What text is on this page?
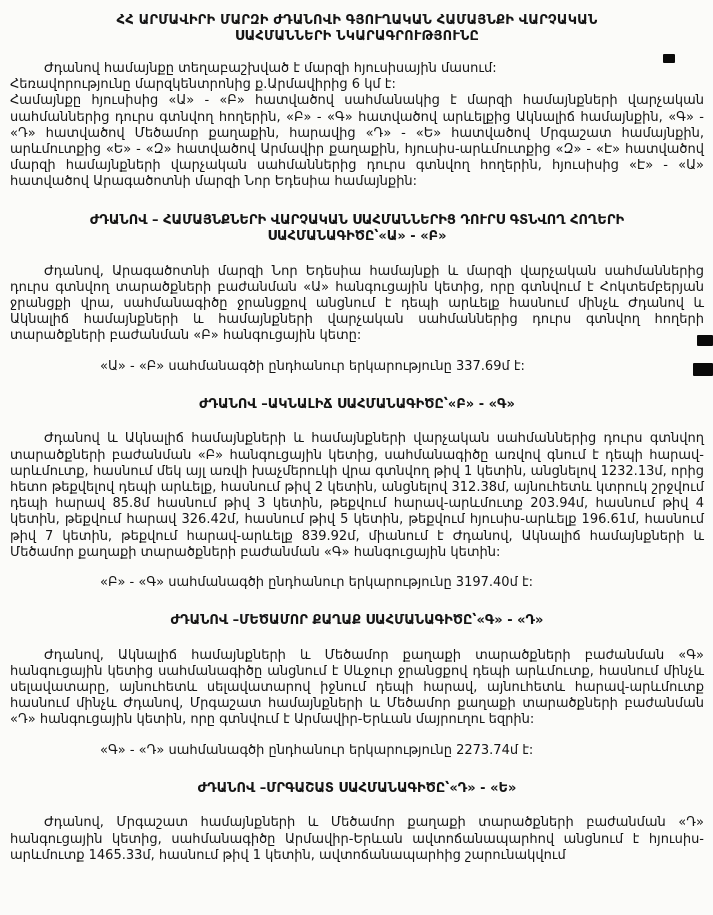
ՀՀ ԱՐՄԱՎԻՐԻ ՄԱՐԶԻ ԺԴԱՆՈՎԻ ԳՅՈՒՂԱԿԱՆ ՀԱՄԱՅՆՔԻ ՎԱՐՉԱԿԱՆ
ՍԱՀՄԱՆՆԵՐԻ ՆԿԱՐԱԳՐՈՒԹՅՈՒՆԸ

Ժդանով համայնքը տեղաբաշխված է մարզի հյուսիսային մասում:

Հեռավորությունը մարզկենտրոնից ք.Արմավիրից 6 կմ է:

Համայնքը հյուսիսից «Ա» - «Բ» հատվածով սահմանակից է մարզի համայնքների վարչական սահմաններից դուրս գտնվող հողերին, «Բ» - «Գ» հատվածով արևելքից Ակնալիճ համայնքին, «Գ» - «Դ» հատվածով Մեծամոր քաղաքին, հարավից «Դ» - «Ե» հատվածով Մրգաշատ համայնքին, արևմուտքից «Ե» - «Զ» հատվածով Արմավիր քաղաքին, հյուսիս-արևմուտքից «Զ» - «Է» հատվածով մարզի համայնքների վարչական սահմաններից դուրս գտնվող հողերին, հյուսիսից «Է» - «Ա» հատվածով Արագածոտնի մարզի Նոր Եդեսիա համայնքին:

ԺԴԱՆՈՎ – ՀԱՄԱՅՆՔՆԵՐԻ ՎԱՐՉԱԿԱՆ ՍԱՀՄԱՆՆԵՐԻՑ ԴՈՒՐՍ ԳՏՆՎՈՂ ՀՈՂԵՐԻ
ՍԱՀՄԱՆԱԳԻԾԸ՝«Ա» - «Բ»

Ժդանով, Արագածոտնի մարզի Նոր Եդեսիա համայնքի և մարզի վարչական սահմաններից դուրս գտնվող տարածքների բաժանման «Ա» հանգուցային կետից, որը գտնվում է Հոկտեմբերյան ջրանցքի վրա, սահմանագիծը ջրանցքով անցնում է դեպի արևելք հասնում մինչև Ժդանով և Ակնալիճ համայնքների և համայնքների վարչական սահմաններից դուրս գտնվող հողերի տարածքների բաժանման «Բ» հանգուցային կետը:

«Ա» - «Բ» սահմանագծի ընդհանուր երկարությունը 337.69մ է:

ԺԴԱՆՈՎ –ԱԿՆԱԼԻՃ ՍԱՀՄԱՆԱԳԻԾԸ՝«Բ» - «Գ»

Ժդանով և Ակնալիճ համայնքների և համայնքների վարչական սահմաններից դուրս գտնվող տարածքների բաժանման «Բ» հանգուցային կետից, սահմանագիծը առվով գնում է դեպի հարավ-արևմուտք, հասնում մեկ այլ առվի խաչմերուկի վրա գտնվող թիվ 1 կետին, անցնելով 1232.13մ, որից հետո թեքվելով դեպի արևելք, հասնում թիվ 2 կետին, անցնելով 312.38մ, այնուհետև կտրուկ շրջվում դեպի հարավ 85.8մ հասնում թիվ 3 կետին, թեքվում հարավ-արևմուտք 203.94մ, հասնում թիվ 4 կետին, թեքվում հարավ 326.42մ, հասնում թիվ 5 կետին, թեքվում հյուսիս-արևելք 196.61մ, հասնում թիվ 7 կետին, թեքվում հարավ-արևելք 839.92մ, միանում է Ժդանով, Ակնալիճ համայնքների և Մեծամոր քաղաքի տարածքների բաժանման «Գ» հանգուցային կետին:

«Բ» - «Գ» սահմանագծի ընդհանուր երկարությունը 3197.40մ է:

ԺԴԱՆՈՎ –ՄԵԾԱՄՈՐ ՔԱՂԱՔ ՍԱՀՄԱՆԱԳԻԾԸ՝«Գ» - «Դ»

Ժդանով, Ակնալիճ համայնքների և Մեծամոր քաղաքի տարածքների բաժանման «Գ» հանգուցային կետից սահմանագիծը անցնում է Սևջուր ջրանցքով դեպի արևմուտք, հասնում մինչև սելավատարը, այնուհետև սելավատարով իջնում դեպի հարավ, այնուհետև հարավ-արևմուտք հասնում մինչև Ժդանով, Մրգաշատ համայնքների և Մեծամոր քաղաքի տարածքների բաժանման «Դ» հանգուցային կետին, որը գտնվում է Արմավիր-Երևան մայրուղու եզրին:

«Գ» - «Դ» սահմանագծի ընդհանուր երկարությունը 2273.74մ է:

ԺԴԱՆՈՎ –ՄՐԳԱՇԱՏ ՍԱՀՄԱՆԱԳԻԾԸ՝«Դ» - «Ե»

Ժդանով, Մրգաշատ համայնքների և Մեծամոր քաղաքի տարածքների բաժանման «Դ» հանգուցային կետից, սահմանագիծը Արմավիր-Երևան ավտոճանապարհով անցնում է հյուսիս-արևմուտք 1465.33մ, հասնում թիվ 1 կետին, ավտոճանապարհից շարունակվում
